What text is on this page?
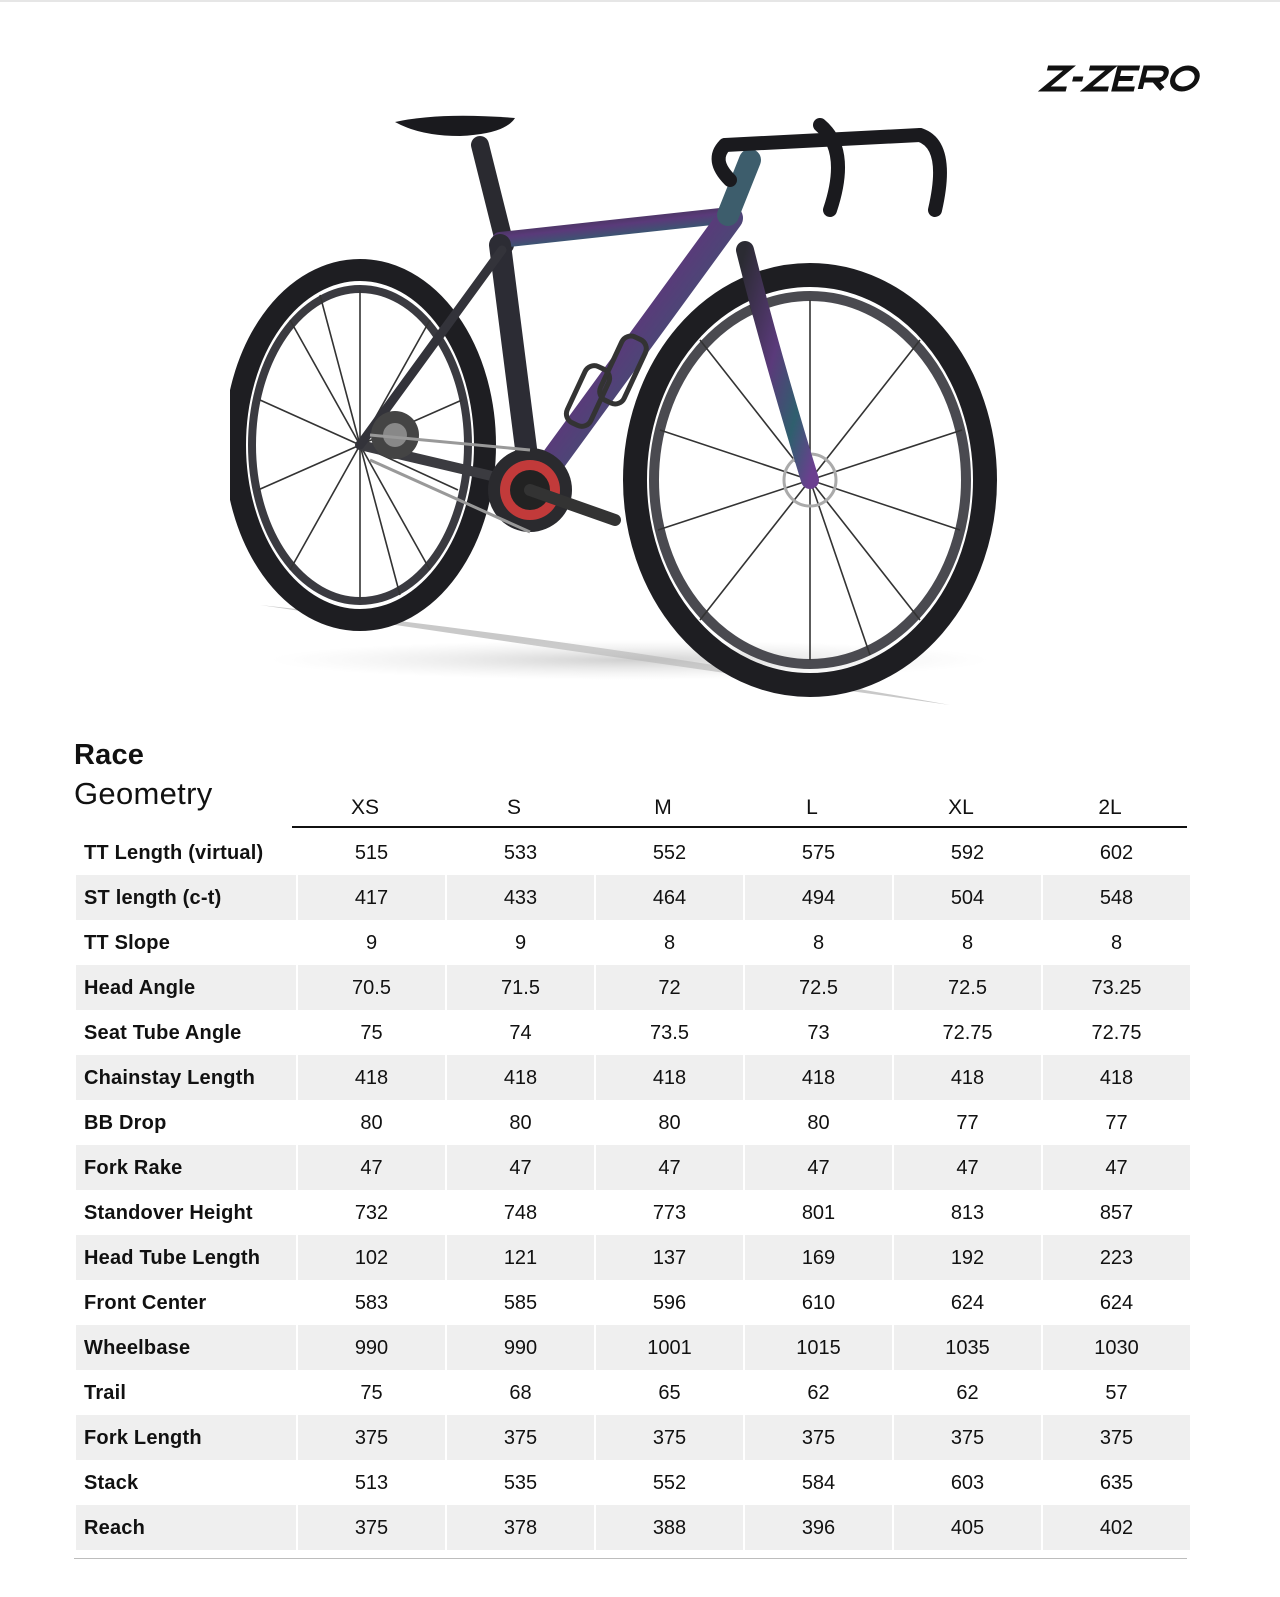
Race
Geometry	XS	S	M	L	XL	2L
TT Length (virtual)	515	533	552	575	592	602
ST length (c-t)	417	433	464	494	504	548
TT Slope	9	9	8	8	8	8
Head Angle	70.5	71.5	72	72.5	72.5	73.25
Seat Tube Angle	75	74	73.5	73	72.75	72.75
Chainstay Length	418	418	418	418	418	418
BB Drop	80	80	80	80	77	77
Fork Rake	47	47	47	47	47	47
Standover Height	732	748	773	801	813	857
Head Tube Length	102	121	137	169	192	223
Front Center	583	585	596	610	624	624
Wheelbase	990	990	1001	1015	1035	1030
Trail	75	68	65	62	62	57
Fork Length	375	375	375	375	375	375
Stack	513	535	552	584	603	635
Reach	375	378	388	396	405	402
